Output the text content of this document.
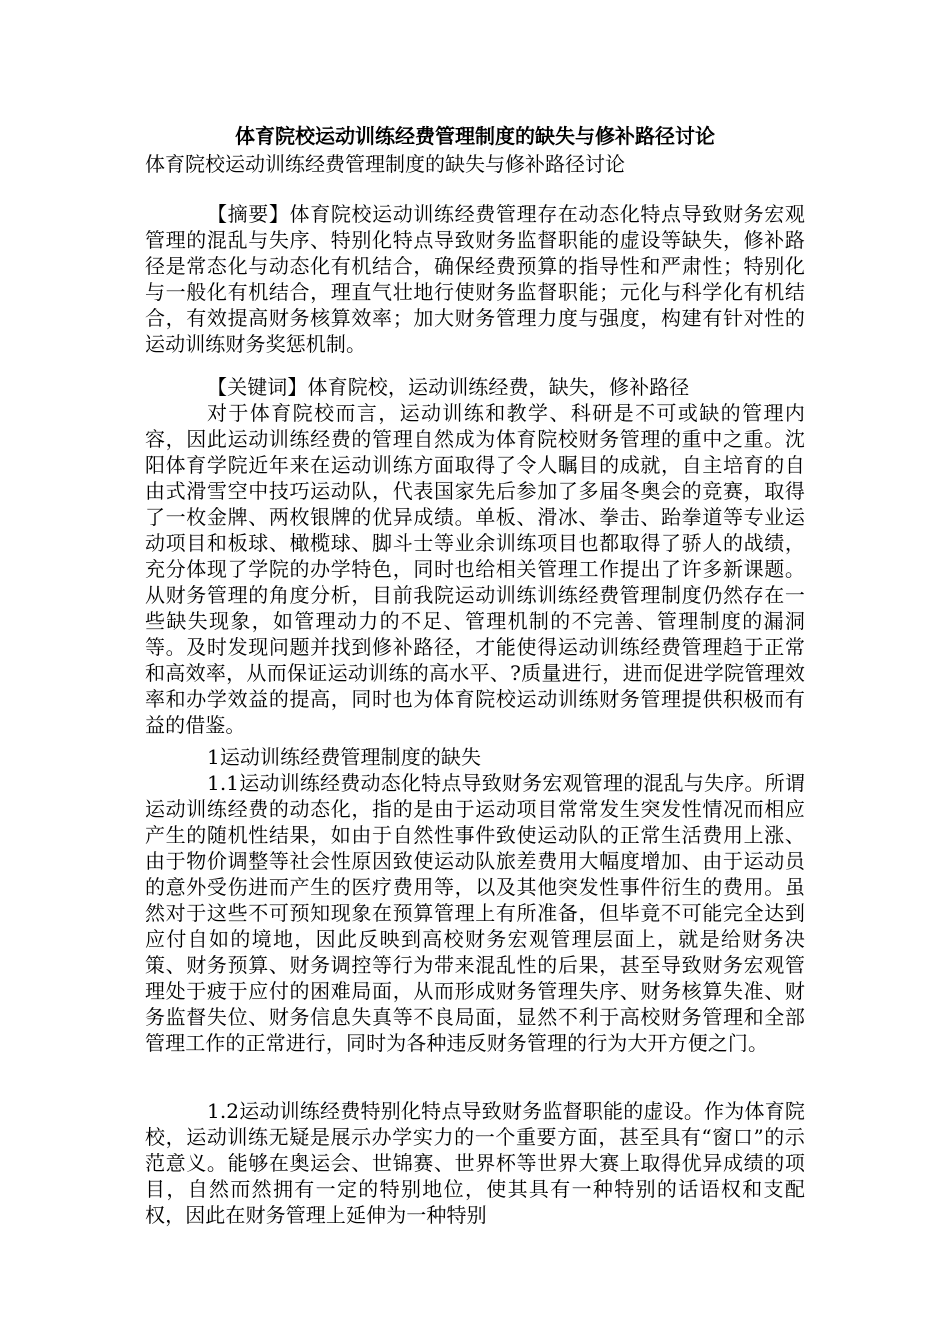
体育院校运动训练经费管理制度的缺失与修补路径讨论
体育院校运动训练经费管理制度的缺失与修补路径讨论

【摘要】体育院校运动训练经费管理存在动态化特点导致财务宏观管理的混乱与失序、特别化特点导致财务监督职能的虚设等缺失，修补路径是常态化与动态化有机结合，确保经费预算的指导性和严肃性；特别化与一般化有机结合，理直气壮地行使财务监督职能；元化与科学化有机结合，有效提高财务核算效率；加大财务管理力度与强度，构建有针对性的运动训练财务奖惩机制。

【关键词】体育院校，运动训练经费，缺失，修补路径

对于体育院校而言，运动训练和教学、科研是不可或缺的管理内容，因此运动训练经费的管理自然成为体育院校财务管理的重中之重。沈阳体育学院近年来在运动训练方面取得了令人瞩目的成就，自主培育的自由式滑雪空中技巧运动队，代表国家先后参加了多届冬奥会的竞赛，取得了一枚金牌、两枚银牌的优异成绩。单板、滑冰、拳击、跆拳道等专业运动项目和板球、橄榄球、脚斗士等业余训练项目也都取得了骄人的战绩，充分体现了学院的办学特色，同时也给相关管理工作提出了许多新课题。从财务管理的角度分析，目前我院运动训练训练经费管理制度仍然存在一些缺失现象，如管理动力的不足、管理机制的不完善、管理制度的漏洞等。及时发现问题并找到修补路径，才能使得运动训练经费管理趋于正常和高效率，从而保证运动训练的高水平、?质量进行，进而促进学院管理效率和办学效益的提高，同时也为体育院校运动训练财务管理提供积极而有益的借鉴。

1运动训练经费管理制度的缺失

1.1运动训练经费动态化特点导致财务宏观管理的混乱与失序。所谓运动训练经费的动态化，指的是由于运动项目常常发生突发性情况而相应产生的随机性结果，如由于自然性事件致使运动队的正常生活费用上涨、由于物价调整等社会性原因致使运动队旅差费用大幅度增加、由于运动员的意外受伤进而产生的医疗费用等，以及其他突发性事件衍生的费用。虽然对于这些不可预知现象在预算管理上有所准备，但毕竟不可能完全达到应付自如的境地，因此反映到高校财务宏观管理层面上，就是给财务决策、财务预算、财务调控等行为带来混乱性的后果，甚至导致财务宏观管理处于疲于应付的困难局面，从而形成财务管理失序、财务核算失准、财务监督失位、财务信息失真等不良局面，显然不利于高校财务管理和全部管理工作的正常进行，同时为各种违反财务管理的行为大开方便之门。

1.2运动训练经费特别化特点导致财务监督职能的虚设。作为体育院校，运动训练无疑是展示办学实力的一个重要方面，甚至具有“窗口”的示范意义。能够在奥运会、世锦赛、世界杯等世界大赛上取得优异成绩的项目，自然而然拥有一定的特别地位，使其具有一种特别的话语权和支配权，因此在财务管理上延伸为一种特别
